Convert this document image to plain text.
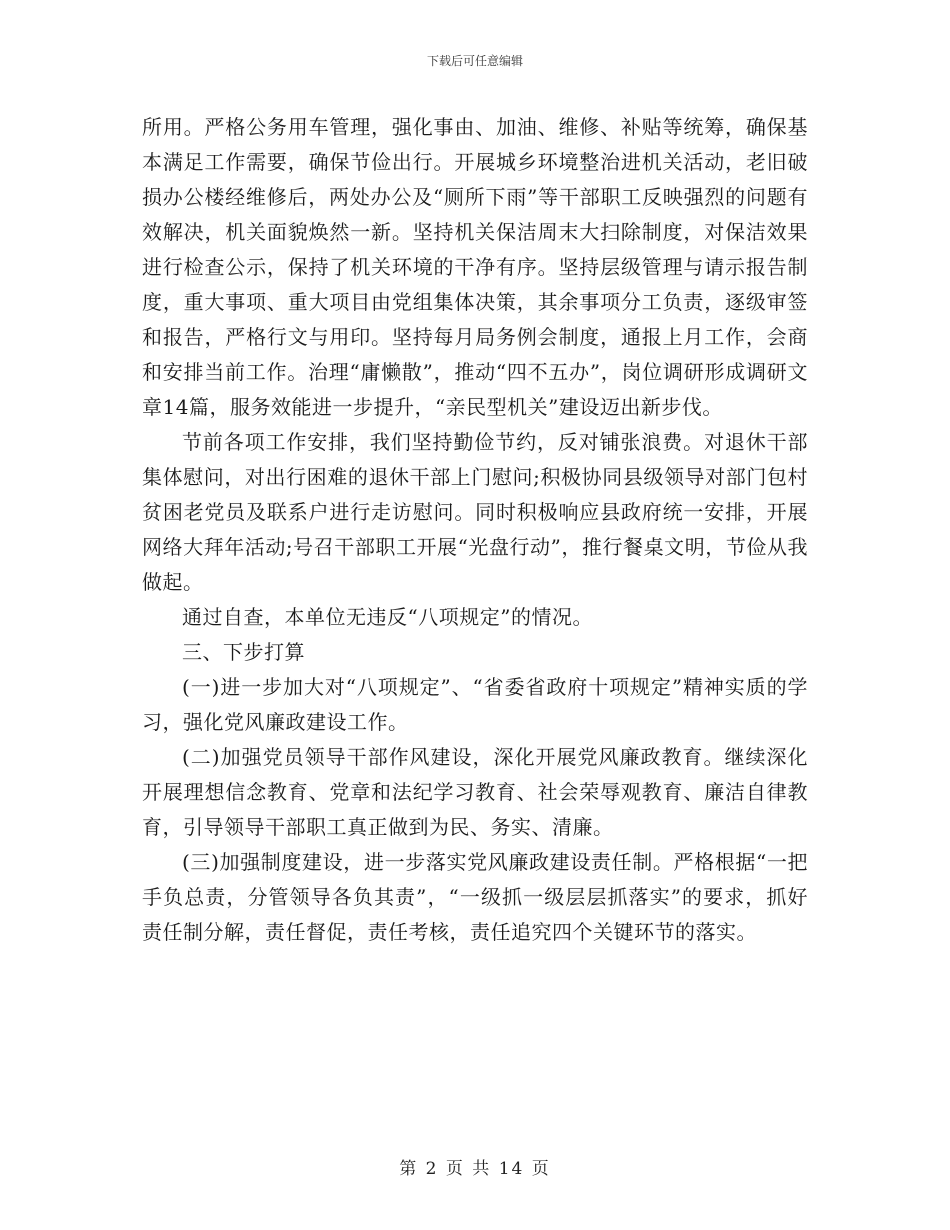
下载后可任意编辑

所用。严格公务用车管理，强化事由、加油、维修、补贴等统筹，确保基本满足工作需要，确保节俭出行。开展城乡环境整治进机关活动，老旧破损办公楼经维修后，两处办公及“厕所下雨”等干部职工反映强烈的问题有效解决，机关面貌焕然一新。坚持机关保洁周末大扫除制度，对保洁效果进行检查公示，保持了机关环境的干净有序。坚持层级管理与请示报告制度，重大事项、重大项目由党组集体决策，其余事项分工负责，逐级审签和报告，严格行文与用印。坚持每月局务例会制度，通报上月工作，会商和安排当前工作。治理“庸懒散”，推动“四不五办”，岗位调研形成调研文章14篇，服务效能进一步提升，“亲民型机关”建设迈出新步伐。

节前各项工作安排，我们坚持勤俭节约，反对铺张浪费。对退休干部集体慰问，对出行困难的退休干部上门慰问;积极协同县级领导对部门包村贫困老党员及联系户进行走访慰问。同时积极响应县政府统一安排，开展网络大拜年活动;号召干部职工开展“光盘行动”，推行餐桌文明，节俭从我做起。

通过自查，本单位无违反“八项规定”的情况。

三、下步打算

(一)进一步加大对“八项规定”、“省委省政府十项规定”精神实质的学习，强化党风廉政建设工作。

(二)加强党员领导干部作风建设，深化开展党风廉政教育。继续深化开展理想信念教育、党章和法纪学习教育、社会荣辱观教育、廉洁自律教育，引导领导干部职工真正做到为民、务实、清廉。

(三)加强制度建设，进一步落实党风廉政建设责任制。严格根据“一把手负总责，分管领导各负其责”，“一级抓一级层层抓落实”的要求，抓好责任制分解，责任督促，责任考核，责任追究四个关键环节的落实。

第 2 页 共 14 页
